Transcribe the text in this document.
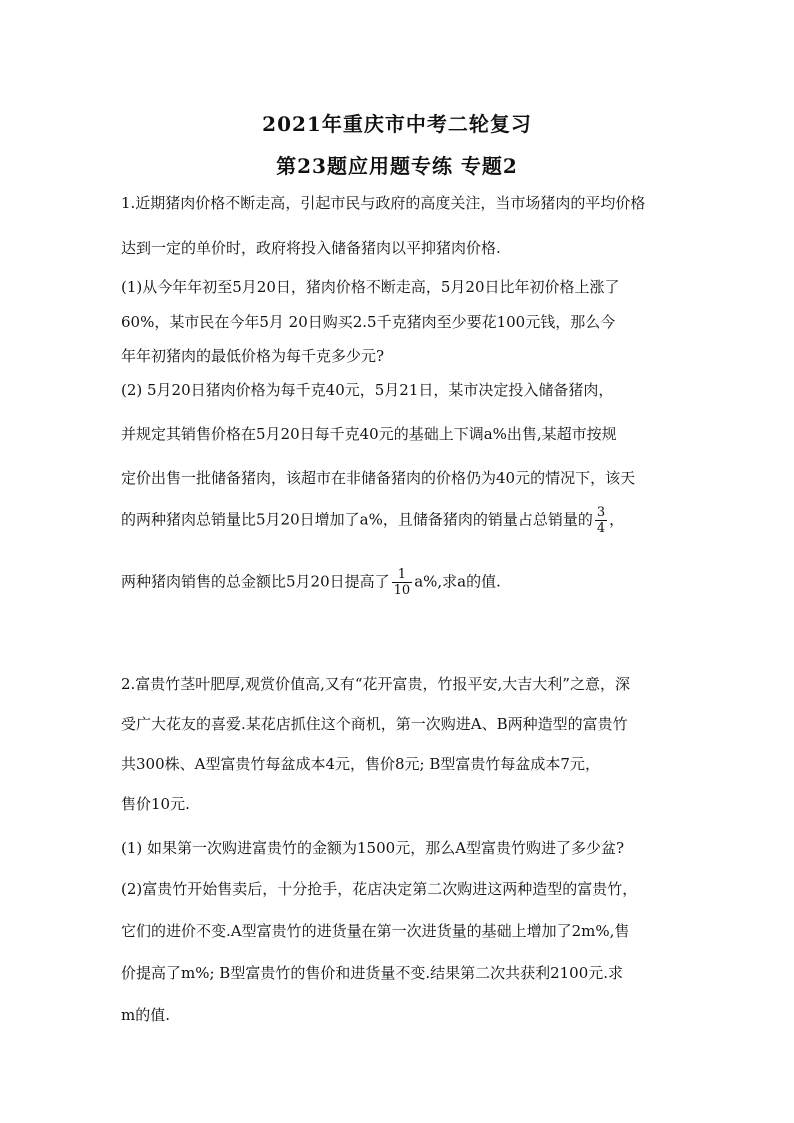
2021年重庆市中考二轮复习
第23题应用题专练 专题2
1.近期猪肉价格不断走高，引起市民与政府的高度关注，当市场猪肉的平均价格
达到一定的单价时，政府将投入储备猪肉以平抑猪肉价格.
(1)从今年年初至5月20日，猪肉价格不断走高，5月20日比年初价格上涨了
60%，某市民在今年5月 20日购买2.5千克猪肉至少要花100元钱，那么今
年年初猪肉的最低价格为每千克多少元?
(2) 5月20日猪肉价格为每千克40元，5月21日，某市决定投入储备猪肉，
并规定其销售价格在5月20日每千克40元的基础上下调a%出售,某超市按规
定价出售一批储备猪肉，该超市在非储备猪肉的价格仍为40元的情况下，该天
的两种猪肉总销量比5月20日增加了a%，且储备猪肉的销量占总销量的 $\frac{3}{4}$ ，
两种猪肉销售的总金额比5月20日提高了 $\frac{1}{10} a\%$,求a的值.
2.富贵竹茎叶肥厚,观赏价值高,又有“花开富贵，竹报平安,大吉大利”之意，深
受广大花友的喜爱.某花店抓住这个商机，第一次购进A、B两种造型的富贵竹
共300株、A型富贵竹每盆成本4元，售价8元; B型富贵竹每盆成本7元，
售价10元.
(1) 如果第一次购进富贵竹的金额为1500元，那么A型富贵竹购进了多少盆?
(2)富贵竹开始售卖后，十分抢手，花店决定第二次购进这两种造型的富贵竹，
它们的进价不变.A型富贵竹的进货量在第一次进货量的基础上增加了2m%,售
价提高了m%; B型富贵竹的售价和进货量不变.结果第二次共获利2100元.求
m的值.
